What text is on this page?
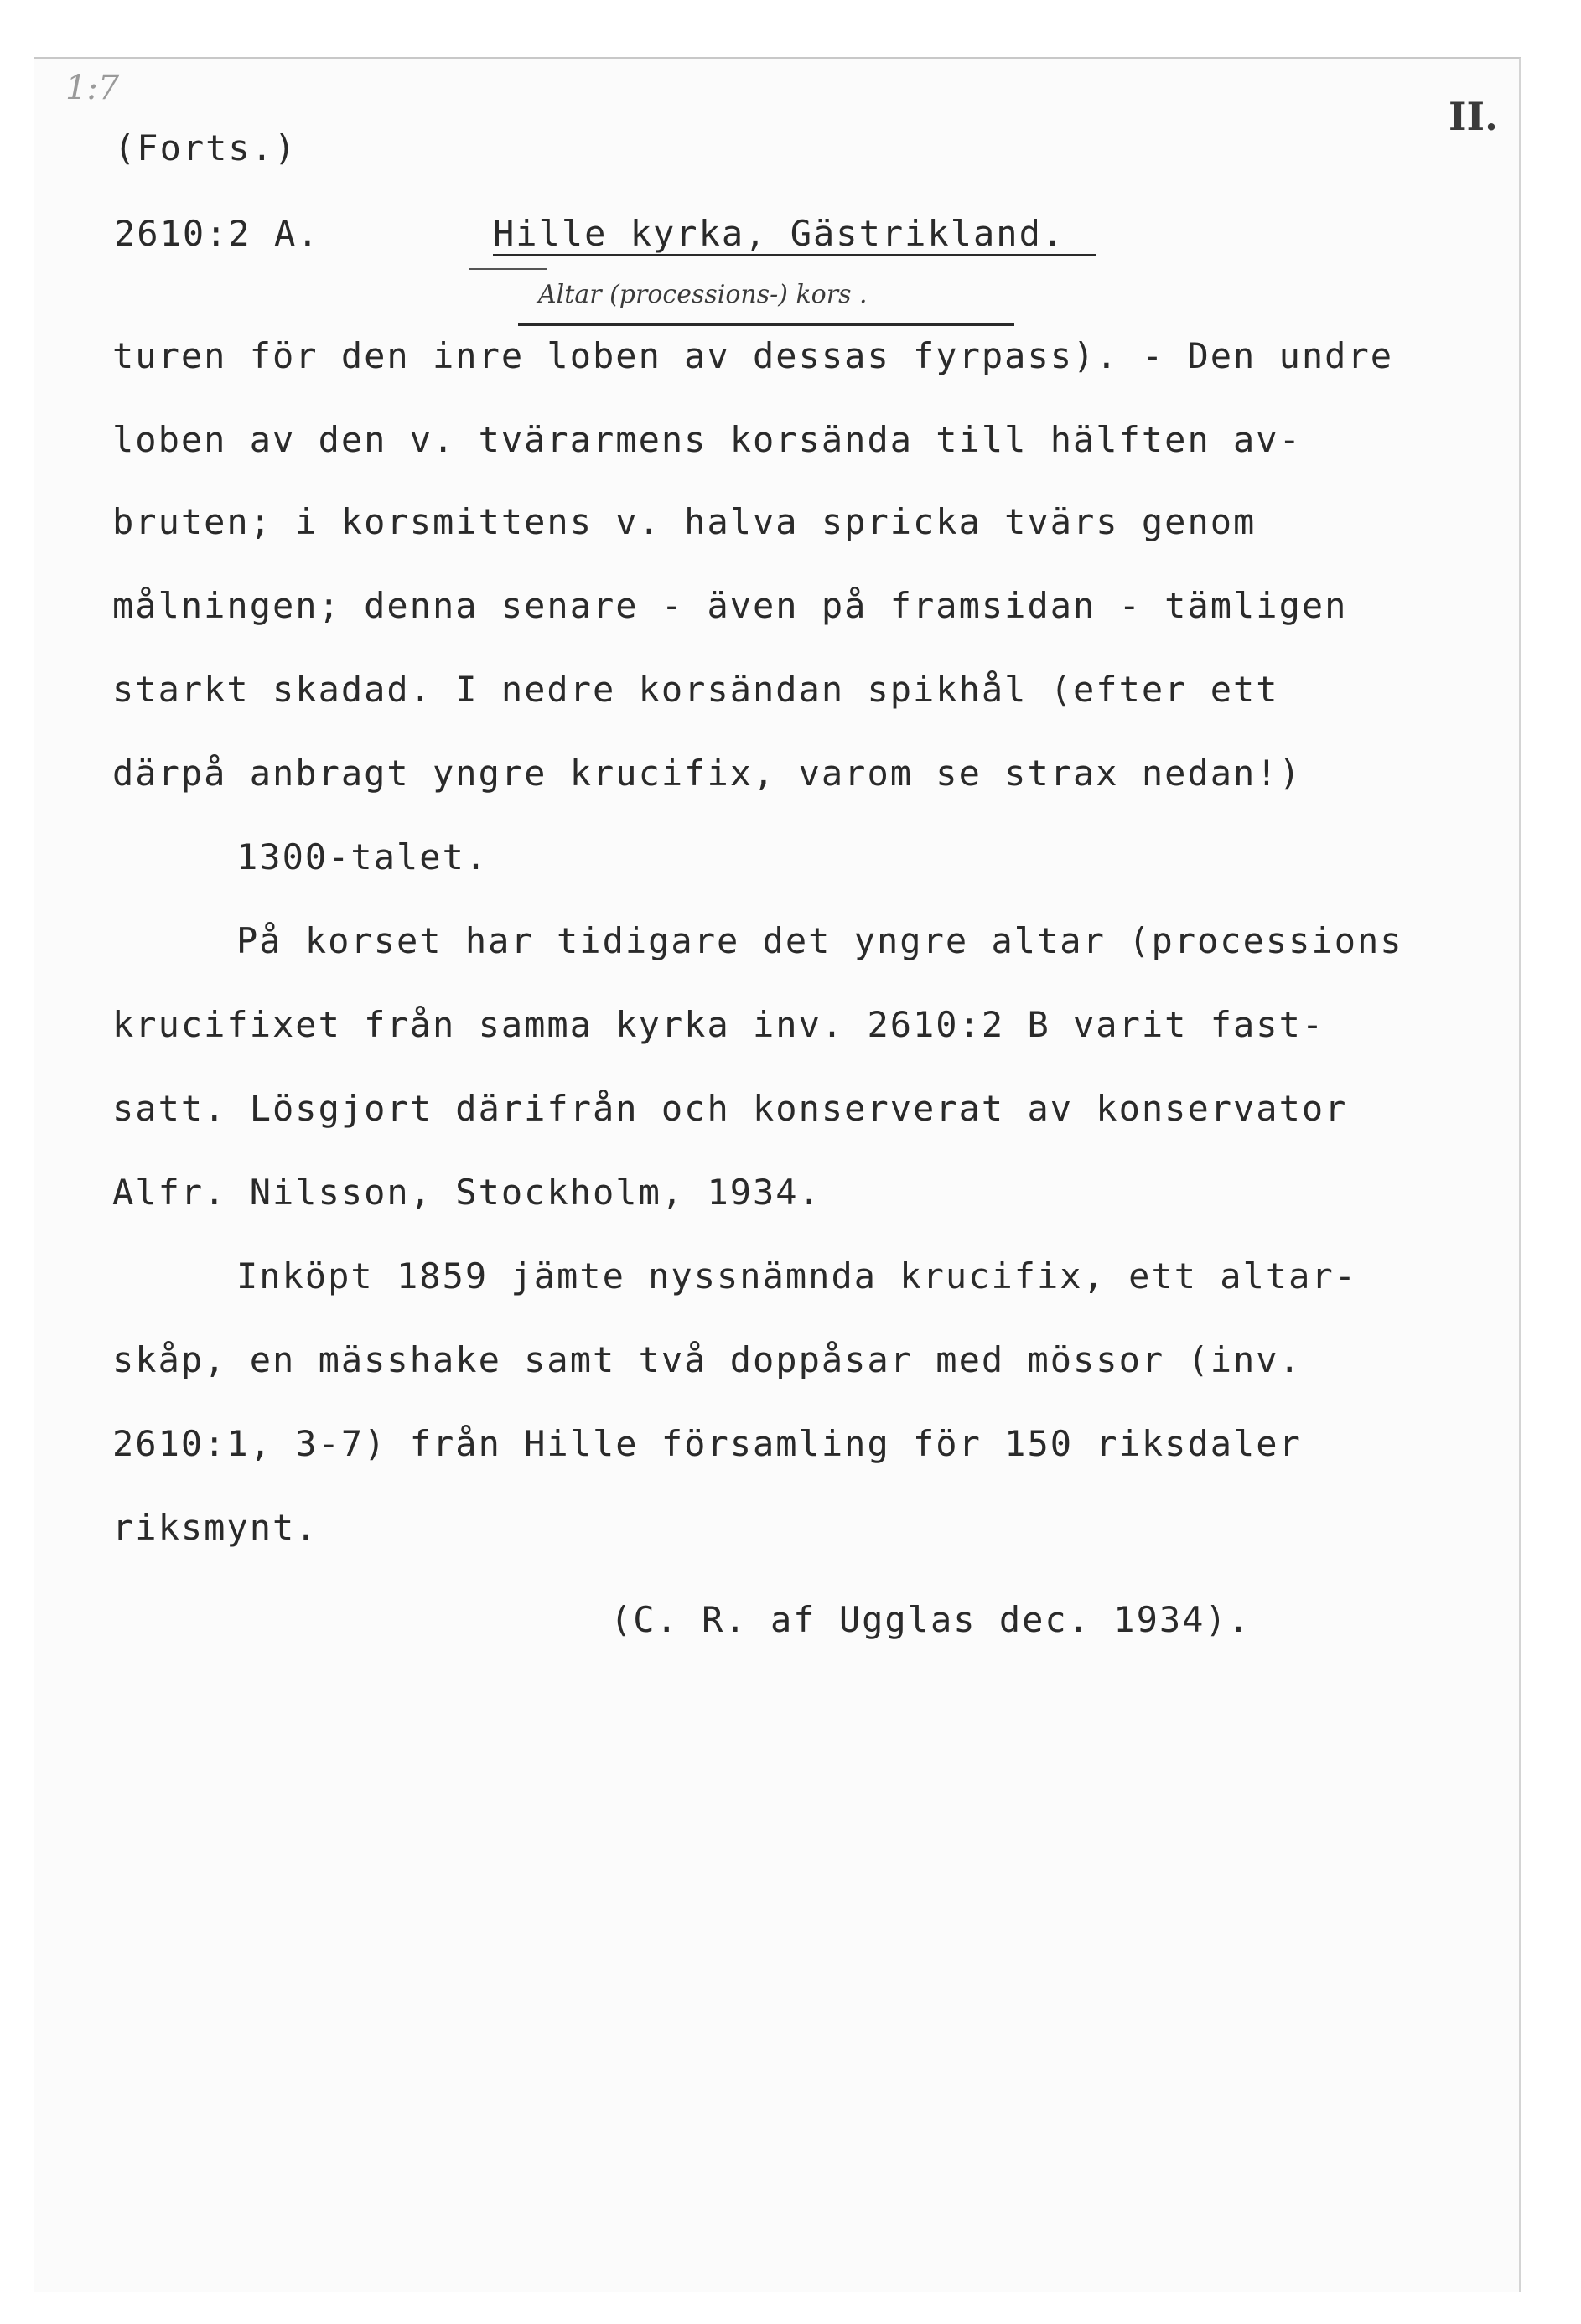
1:7
II.
(Forts.)
2610:2 A.	Hille kyrka, Gästrikland.
Altar (processions-) kors .
turen för den inre loben av dessas fyrpass). - Den undre
loben av den v. tvärarmens korsända till hälften av-
bruten; i korsmittens v. halva spricka tvärs genom
målningen; denna senare - även på framsidan - tämligen
starkt skadad. I nedre korsändan spikhål (efter ett
därpå anbragt yngre krucifix, varom se strax nedan!)
1300-talet.
På korset har tidigare det yngre altar (processions
krucifixet från samma kyrka inv. 2610:2 B varit fast-
satt. Lösgjort därifrån och konserverat av konservator
Alfr. Nilsson, Stockholm, 1934.
Inköpt 1859 jämte nyssnämnda krucifix, ett altar-
skåp, en mässhake samt två doppåsar med mössor (inv.
2610:1, 3-7) från Hille församling för 150 riksdaler
riksmynt.
(C. R. af Ugglas dec. 1934).
